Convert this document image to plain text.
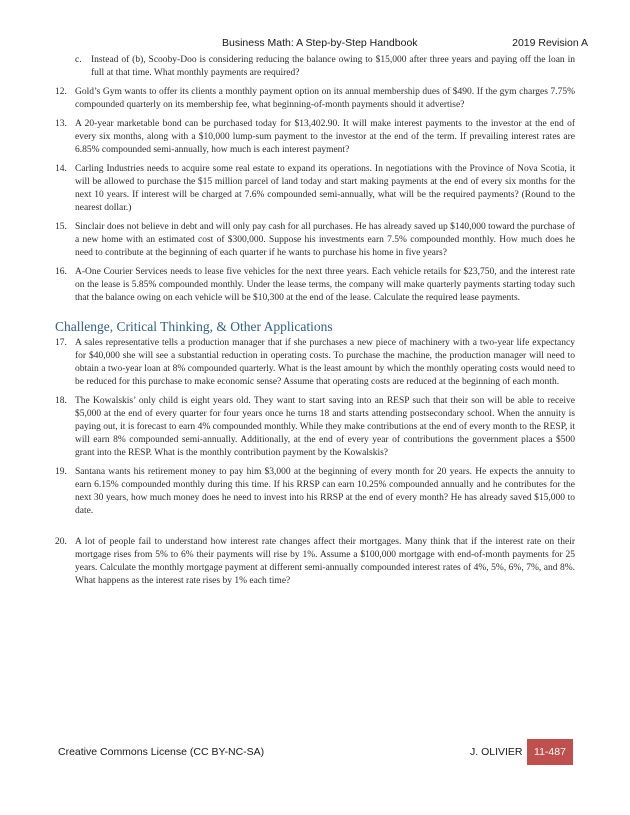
Business Math: A Step-by-Step Handbook	2019 Revision A
c. Instead of (b), Scooby-Doo is considering reducing the balance owing to $15,000 after three years and paying off the loan in full at that time. What monthly payments are required?
12. Gold’s Gym wants to offer its clients a monthly payment option on its annual membership dues of $490. If the gym charges 7.75% compounded quarterly on its membership fee, what beginning-of-month payments should it advertise?
13. A 20-year marketable bond can be purchased today for $13,402.90. It will make interest payments to the investor at the end of every six months, along with a $10,000 lump-sum payment to the investor at the end of the term. If prevailing interest rates are 6.85% compounded semi-annually, how much is each interest payment?
14. Carling Industries needs to acquire some real estate to expand its operations. In negotiations with the Province of Nova Scotia, it will be allowed to purchase the $15 million parcel of land today and start making payments at the end of every six months for the next 10 years. If interest will be charged at 7.6% compounded semi-annually, what will be the required payments? (Round to the nearest dollar.)
15. Sinclair does not believe in debt and will only pay cash for all purchases. He has already saved up $140,000 toward the purchase of a new home with an estimated cost of $300,000. Suppose his investments earn 7.5% compounded monthly. How much does he need to contribute at the beginning of each quarter if he wants to purchase his home in five years?
16. A-One Courier Services needs to lease five vehicles for the next three years. Each vehicle retails for $23,750, and the interest rate on the lease is 5.85% compounded monthly. Under the lease terms, the company will make quarterly payments starting today such that the balance owing on each vehicle will be $10,300 at the end of the lease. Calculate the required lease payments.
Challenge, Critical Thinking, & Other Applications
17. A sales representative tells a production manager that if she purchases a new piece of machinery with a two-year life expectancy for $40,000 she will see a substantial reduction in operating costs. To purchase the machine, the production manager will need to obtain a two-year loan at 8% compounded quarterly. What is the least amount by which the monthly operating costs would need to be reduced for this purchase to make economic sense? Assume that operating costs are reduced at the beginning of each month.
18. The Kowalskis’ only child is eight years old. They want to start saving into an RESP such that their son will be able to receive $5,000 at the end of every quarter for four years once he turns 18 and starts attending postsecondary school. When the annuity is paying out, it is forecast to earn 4% compounded monthly. While they make contributions at the end of every month to the RESP, it will earn 8% compounded semi-annually. Additionally, at the end of every year of contributions the government places a $500 grant into the RESP. What is the monthly contribution payment by the Kowalskis?
19. Santana wants his retirement money to pay him $3,000 at the beginning of every month for 20 years. He expects the annuity to earn 6.15% compounded monthly during this time. If his RRSP can earn 10.25% compounded annually and he contributes for the next 30 years, how much money does he need to invest into his RRSP at the end of every month? He has already saved $15,000 to date.
20. A lot of people fail to understand how interest rate changes affect their mortgages. Many think that if the interest rate on their mortgage rises from 5% to 6% their payments will rise by 1%. Assume a $100,000 mortgage with end-of-month payments for 25 years. Calculate the monthly mortgage payment at different semi-annually compounded interest rates of 4%, 5%, 6%, 7%, and 8%. What happens as the interest rate rises by 1% each time?
Creative Commons License (CC BY-NC-SA)	J. OLIVIER	11-487
